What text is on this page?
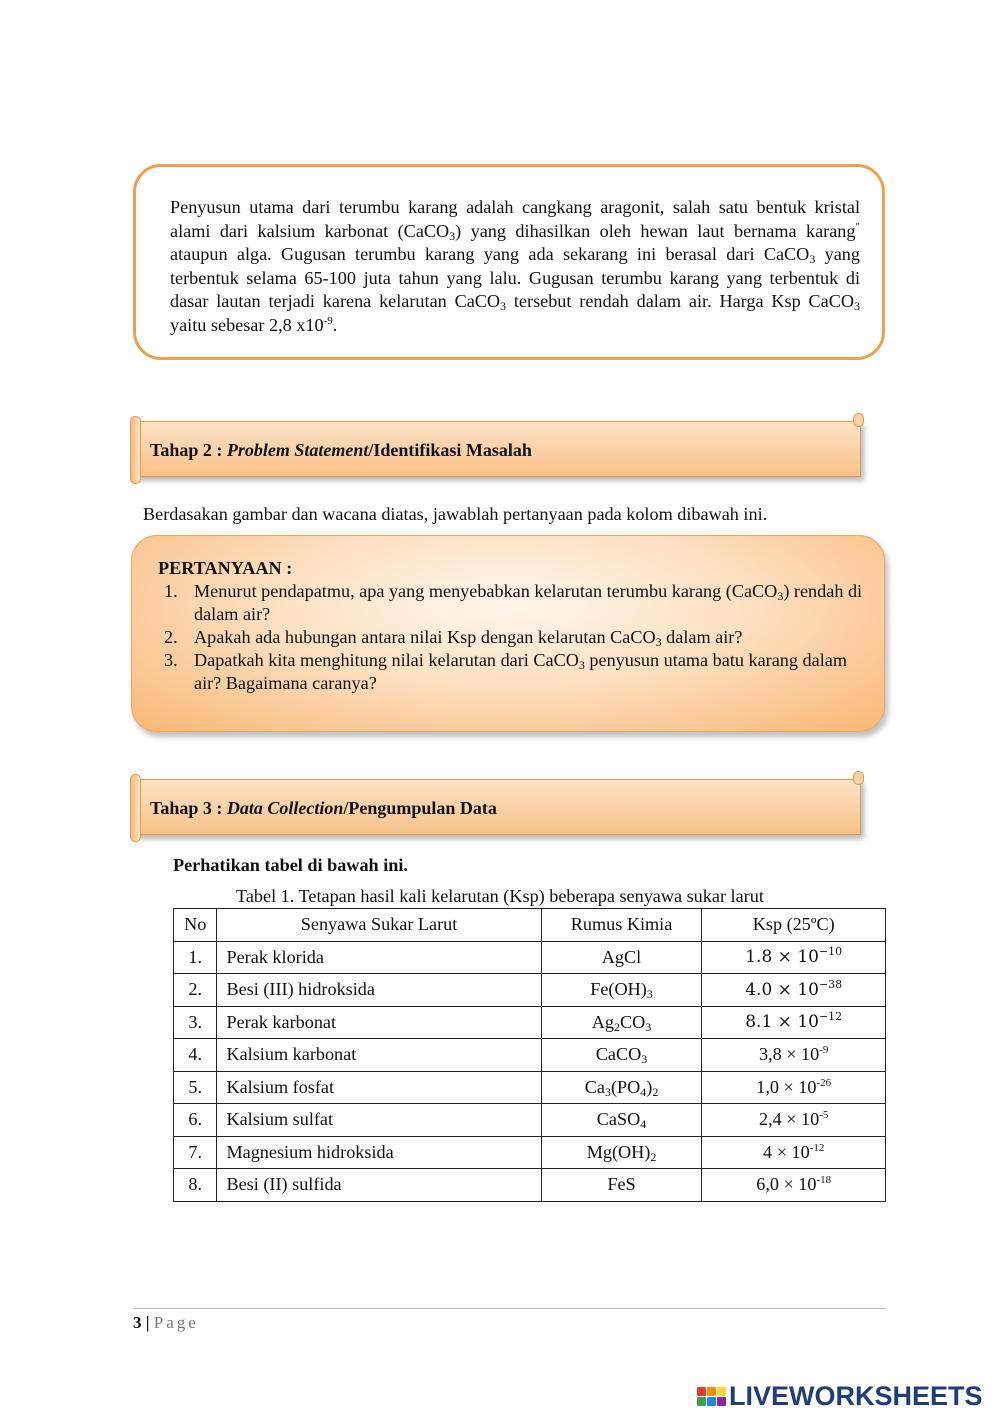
Penyusun utama dari terumbu karang adalah cangkang aragonit, salah satu bentuk kristal alami dari kalsium karbonat (CaCO$_3$) yang dihasilkan oleh hewan laut bernama karang" ataupun alga. Gugusan terumbu karang yang ada sekarang ini berasal dari CaCO$_3$ yang terbentuk selama 65-100 juta tahun yang lalu. Gugusan terumbu karang yang terbentuk di dasar lautan terjadi karena kelarutan CaCO$_3$ tersebut rendah dalam air. Harga Ksp CaCO$_3$ yaitu sebesar 2,8 $x10^{-9}$.
Tahap 2 : Problem Statement/Identifikasi Masalah
Berdasakan gambar dan wacana diatas, jawablah pertanyaan pada kolom dibawah ini.
PERTANYAAN :
1. Menurut pendapatmu, apa yang menyebabkan kelarutan terumbu karang (CaCO$_3$) rendah di dalam air?
2. Apakah ada hubungan antara nilai Ksp dengan kelarutan CaCO$_3$ dalam air?
3. Dapatkah kita menghitung nilai kelarutan dari CaCO$_3$ penyusun utama batu karang dalam air? Bagaimana caranya?
Tahap 3 : Data Collection/Pengumpulan Data
Perhatikan tabel di bawah ini.
Tabel 1. Tetapan hasil kali kelarutan (Ksp) beberapa senyawa sukar larut
No	Senyawa Sukar Larut	Rumus Kimia	Ksp (25ºC)
1.	Perak klorida	AgCl	$1.8 \times 10^{-10}$
2.	Besi (III) hidroksida	$Fe(OH)_3$	$4.0 \times 10^{-38}$
3.	Perak karbonat	$Ag_2CO_3$	$8.1 \times 10^{-12}$
4.	Kalsium karbonat	CaCO$_3$	$3,8 \times 10^{-9}$
5.	Kalsium fosfat	$Ca_3(PO_4)_2$	$1,0 \times 10^{-26}$
6.	Kalsium sulfat	CaSO$_4$	$2,4 \times 10^{-5}$
7.	Magnesium hidroksida	$Mg(OH)_2$	$4 \times 10^{-12}$
8.	Besi (II) sulfida	FeS	$6,0 \times 10^{-18}$
3 | Page
LIVEWORKSHEETS
